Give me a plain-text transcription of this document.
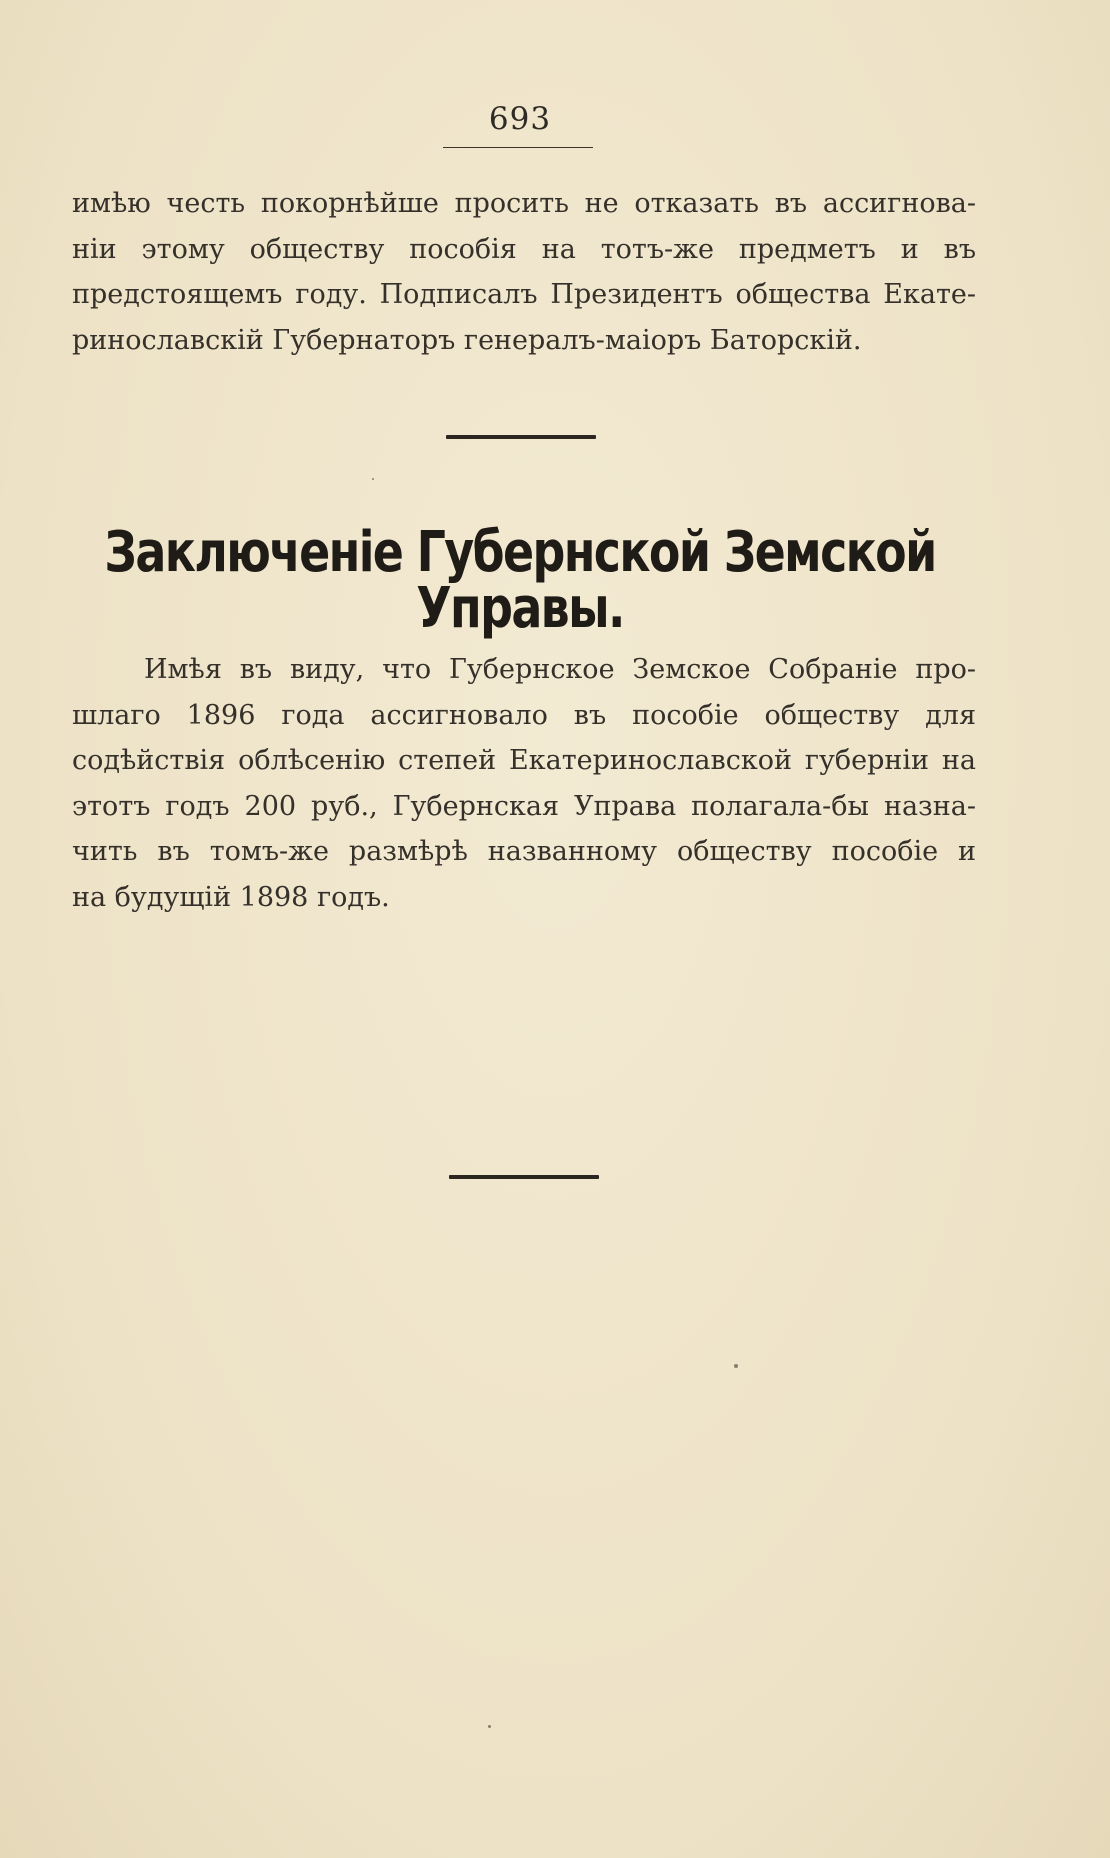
693
имѣю честь покорнѣйше просить не отказать въ ассигнова-
нiи этому обществу пособiя на тотъ-же предметъ и въ
предстоящемъ году. Подписалъ Президентъ общества Екате-
ринославскiй Губернаторъ генералъ-маiоръ Баторскiй.
Заключенiе Губернской Земской Управы.
Имѣя въ виду, что Губернское Земское Собранiе про-
шлаго 1896 года ассигновало въ пособiе обществу для
содѣйствiя облѣсенiю степей Екатеринославской губернiи на
этотъ годъ 200 руб., Губернская Управа полагала-бы назна-
чить въ томъ-же размѣрѣ названному обществу пособiе и
на будущiй 1898 годъ.
